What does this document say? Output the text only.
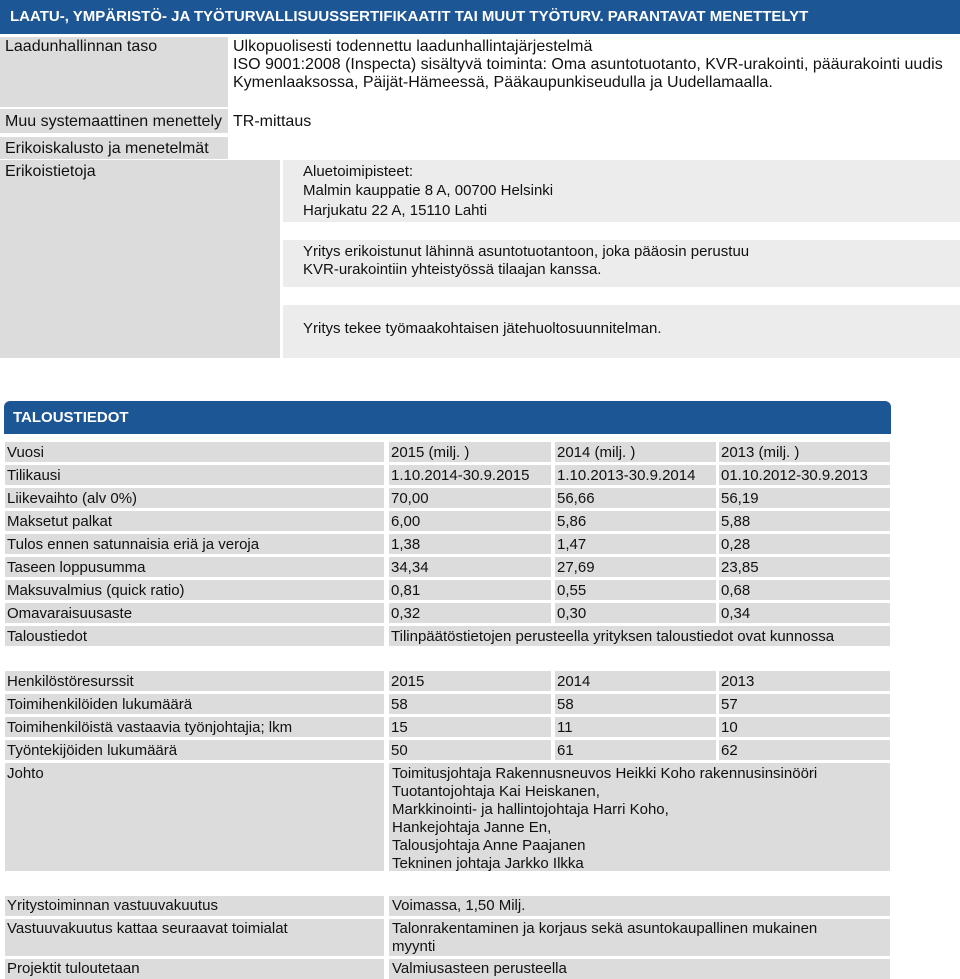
LAATU-, YMPÄRISTÖ- JA TYÖTURVALLISUUSSERTIFIKAATIT TAI MUUT TYÖTURV. PARANTAVAT MENETTELYT
Laadunhallinnan taso	Ulkopuolisesti todennettu laadunhallintajärjestelmä
ISO 9001:2008 (Inspecta) sisältyvä toiminta: Oma asuntotuotanto, KVR-urakointi, pääurakointi uudis
Kymenlaaksossa, Päijät-Hämeessä, Pääkaupunkiseudulla ja Uudellamaalla.
Muu systemaattinen menettely TR-mittaus
Erikoiskalusto ja menetelmät
Erikoistietoja	Aluetoimipisteet:
Malmin kauppatie 8 A, 00700 Helsinki
Harjukatu 22 A, 15110 Lahti
Yritys erikoistunut lähinnä asuntotuotantoon, joka pääosin perustuu
KVR-urakointiin yhteistyössä tilaajan kanssa.
Yritys tekee työmaakohtaisen jätehuoltosuunnitelman.
TALOUSTIEDOT
Vuosi	2015 (milj. )	2014 (milj. )	2013 (milj. )
Tilikausi	1.10.2014-30.9.2015	1.10.2013-30.9.2014	01.10.2012-30.9.2013
Liikevaihto (alv 0%)	70,00	56,66	56,19
Maksetut palkat	6,00	5,86	5,88
Tulos ennen satunnaisia eriä ja veroja	1,38	1,47	0,28
Taseen loppusumma	34,34	27,69	23,85
Maksuvalmius (quick ratio)	0,81	0,55	0,68
Omavaraisuusaste	0,32	0,30	0,34
Taloustiedot	Tilinpäätöstietojen perusteella yrityksen taloustiedot ovat kunnossa
Henkilöstöresurssit	2015	2014	2013
Toimihenkilöiden lukumäärä	58	58	57
Toimihenkilöistä vastaavia työnjohtajia; lkm	15	11	10
Työntekijöiden lukumäärä	50	61	62
Johto	Toimitusjohtaja Rakennusneuvos Heikki Koho rakennusinsinööri
Tuotantojohtaja Kai Heiskanen,
Markkinointi- ja hallintojohtaja Harri Koho,
Hankejohtaja Janne En,
Talousjohtaja Anne Paajanen
Tekninen johtaja Jarkko Ilkka
Yritystoiminnan vastuuvakuutus	Voimassa, 1,50 Milj.
Vastuuvakuutus kattaa seuraavat toimialat	Talonrakentaminen ja korjaus sekä asuntokaupallinen mukainen myynti
Projektit tuloutetaan	Valmiusasteen perusteella
